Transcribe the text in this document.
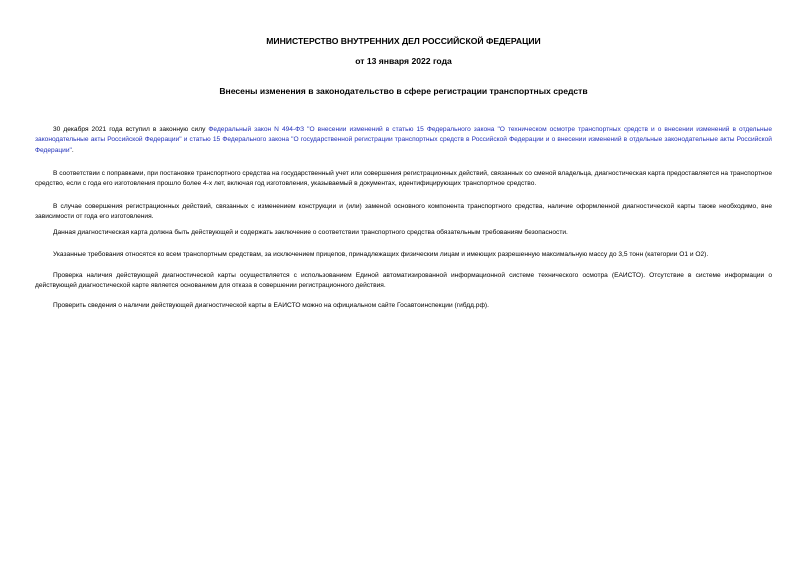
МИНИСТЕРСТВО ВНУТРЕННИХ ДЕЛ РОССИЙСКОЙ ФЕДЕРАЦИИ
от 13 января 2022 года
Внесены изменения в законодательство в сфере регистрации транспортных средств

30 декабря 2021 года вступил в законную силу Федеральный закон N 494-ФЗ "О внесении изменений в статью 15 Федерального закона "О техническом осмотре транспортных средств и о внесении изменений в отдельные законодательные акты Российской Федерации" и статью 15 Федерального закона "О государственной регистрации транспортных средств в Российской Федерации и о внесении изменений в отдельные законодательные акты Российской Федерации".

В соответствии с поправками, при постановке транспортного средства на государственный учет или совершения регистрационных действий, связанных со сменой владельца, диагностическая карта предоставляется на транспортное средство, если с года его изготовления прошло более 4-х лет, включая год изготовления, указываемый в документах, идентифицирующих транспортное средство.

В случае совершения регистрационных действий, связанных с изменением конструкции и (или) заменой основного компонента транспортного средства, наличие оформленной диагностической карты также необходимо, вне зависимости от года его изготовления.

Данная диагностическая карта должна быть действующей и содержать заключение о соответствии транспортного средства обязательным требованиям безопасности.

Указанные требования относятся ко всем транспортным средствам, за исключением прицепов, принадлежащих физическим лицам и имеющих разрешенную максимальную массу до 3,5 тонн (категории О1 и О2).

Проверка наличия действующей диагностической карты осуществляется с использованием Единой автоматизированной информационной системе технического осмотра (ЕАИСТО). Отсутствие в системе информации о действующей диагностической карте является основанием для отказа в совершении регистрационного действия.

Проверить сведения о наличии действующей диагностической карты в ЕАИСТО можно на официальном сайте Госавтоинспекции (гибдд.рф).
